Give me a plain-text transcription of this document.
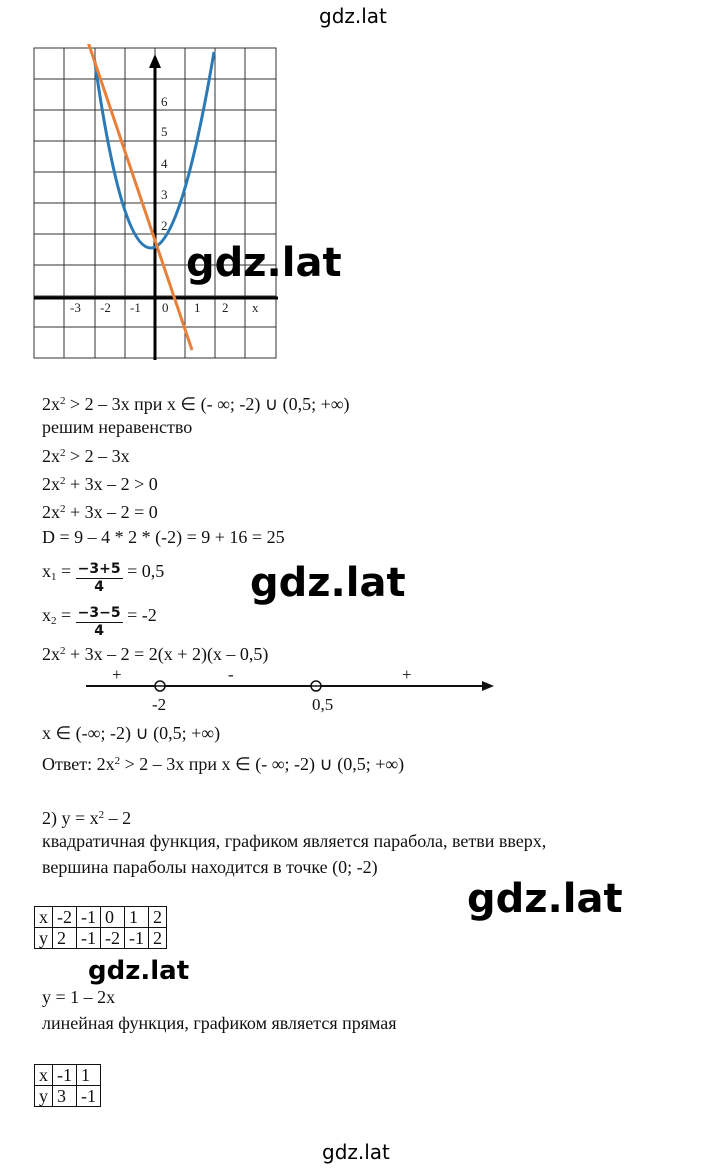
gdz.lat
6
5
4
3
2
-3 -2 -1 0 1 2 x
gdz.lat
gdz.lat
gdz.lat
gdz.lat
$2x^2 > 2 - 3x$ при x ∈ (- ∞; -2) ∪ (0,5; +∞)
решим неравенство
$2x^2 > 2 - 3x$
$2x^2 + 3x - 2 > 0$
$2x^2 + 3x - 2 = 0$
D = 9 – 4 * 2 * (-2) = 9 + 16 = 25
$x_1 = \frac{-3+5}{4} = 0,5$
$x_2 = \frac{-3-5}{4} = -2$
$2x^2 + 3x - 2 = 2(x + 2)(x - 0,5)$
+	-	+
-2	0,5
x ∈ (-∞; -2) ∪ (0,5; +∞)
Ответ: $2x^2 > 2 - 3x$ при x ∈ (- ∞; -2) ∪ (0,5; +∞)
2) $y = x^2 - 2$
квадратичная функция, графиком является парабола, ветви вверх,
вершина параболы находится в точке (0; -2)
x	-2	-1	0	1	2
y	2	-1	-2	-1	2
y = 1 – 2x
линейная функция, графиком является прямая
x	-1	1
y	3	-1
gdz.lat
